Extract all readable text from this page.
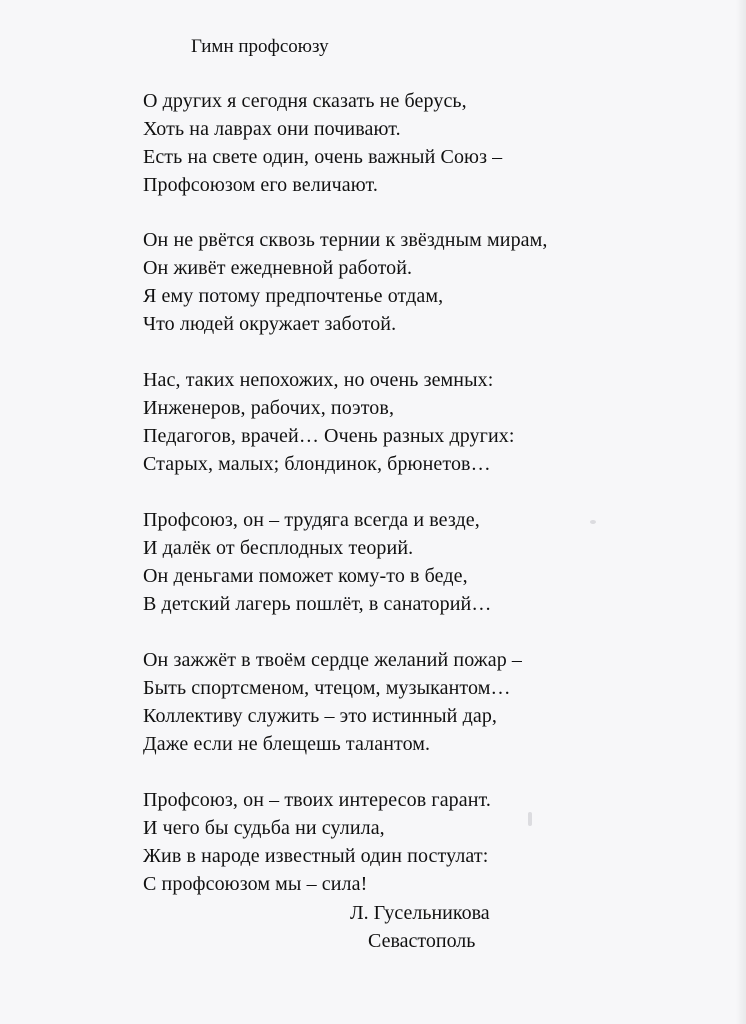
Гимн профсоюзу
О других я сегодня сказать не берусь,
Хоть на лаврах они почивают.
Есть на свете один, очень важный Союз –
Профсоюзом его величают.
Он не рвётся сквозь тернии к звёздным мирам,
Он живёт ежедневной работой.
Я ему потому предпочтенье отдам,
Что людей окружает заботой.
Нас, таких непохожих, но очень земных:
Инженеров, рабочих, поэтов,
Педагогов, врачей… Очень разных других:
Старых, малых; блондинок, брюнетов…
Профсоюз, он – трудяга всегда и везде,
И далёк от бесплодных теорий.
Он деньгами поможет кому-то в беде,
В детский лагерь пошлёт, в санаторий…
Он зажжёт в твоём сердце желаний пожар –
Быть спортсменом, чтецом, музыкантом…
Коллективу служить – это истинный дар,
Даже если не блещешь талантом.
Профсоюз, он – твоих интересов гарант.
И чего бы судьба ни сулила,
Жив в народе известный один постулат:
С профсоюзом мы – сила!
Л. Гусельникова
Севастополь
